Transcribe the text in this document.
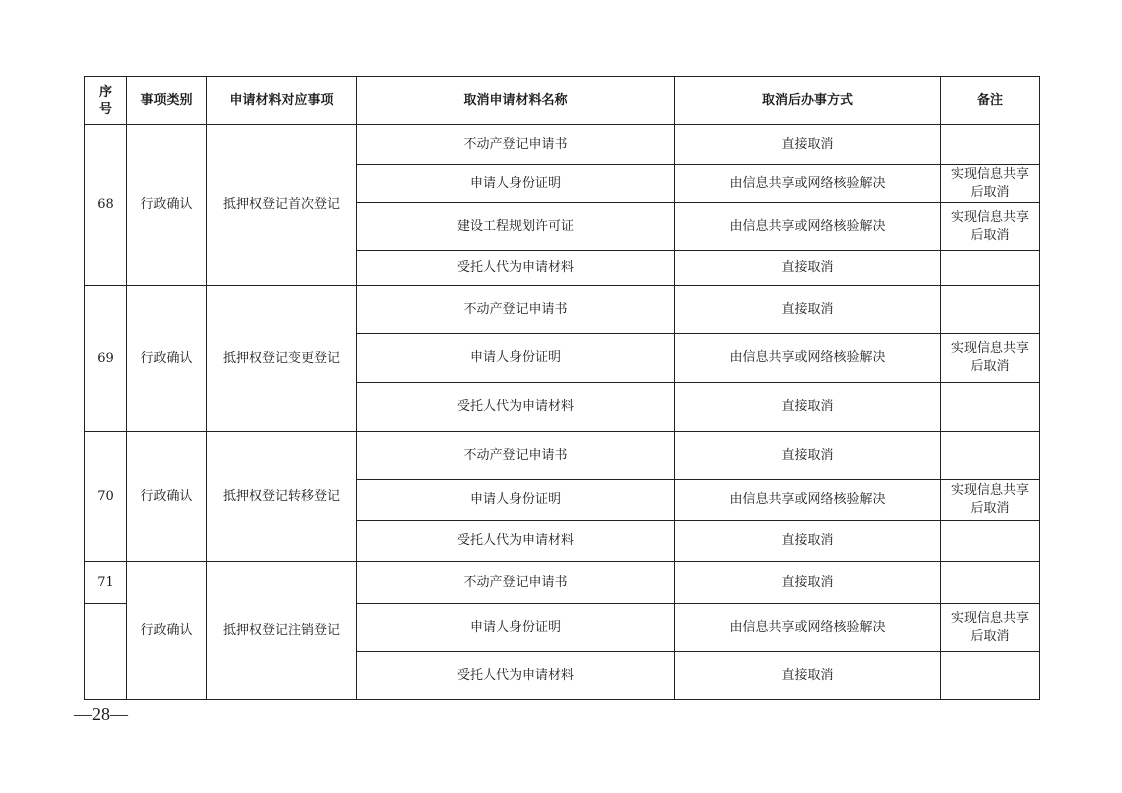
序
号	事项类别	申请材料对应事项	取消申请材料名称	取消后办事方式	备注
68	行政确认	抵押权登记首次登记	不动产登记申请书	直接取消	
			申请人身份证明	由信息共享或网络核验解决	实现信息共享后取消
			建设工程规划许可证	由信息共享或网络核验解决	实现信息共享后取消
			受托人代为申请材料	直接取消	
69	行政确认	抵押权登记变更登记	不动产登记申请书	直接取消	
			申请人身份证明	由信息共享或网络核验解决	实现信息共享后取消
			受托人代为申请材料	直接取消	
70	行政确认	抵押权登记转移登记	不动产登记申请书	直接取消	
			申请人身份证明	由信息共享或网络核验解决	实现信息共享后取消
			受托人代为申请材料	直接取消	
71	行政确认	抵押权登记注销登记	不动产登记申请书	直接取消	
			申请人身份证明	由信息共享或网络核验解决	实现信息共享后取消
			受托人代为申请材料	直接取消	
—28—
